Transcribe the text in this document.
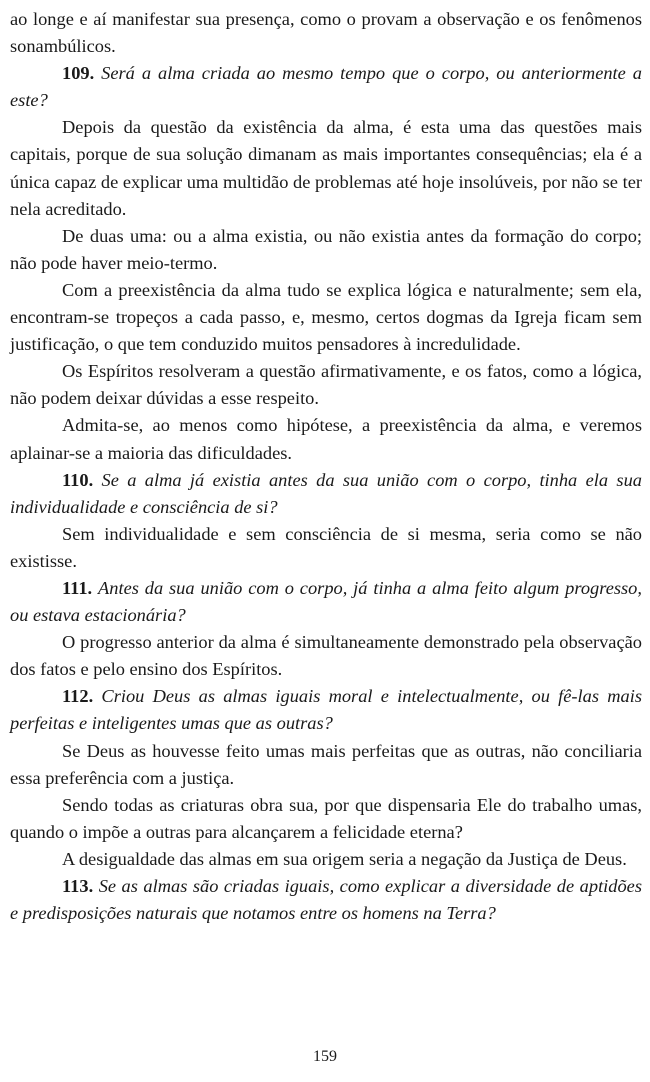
ao longe e aí manifestar sua presença, como o provam a observação e os fenômenos sonambúlicos.

109. Será a alma criada ao mesmo tempo que o corpo, ou anteriormente a este?

Depois da questão da existência da alma, é esta uma das questões mais capitais, porque de sua solução dimanam as mais importantes consequências; ela é a única capaz de explicar uma multidão de problemas até hoje insolúveis, por não se ter nela acreditado.

De duas uma: ou a alma existia, ou não existia antes da formação do corpo; não pode haver meio-termo.

Com a preexistência da alma tudo se explica lógica e naturalmente; sem ela, encontram-se tropeços a cada passo, e, mesmo, certos dogmas da Igreja ficam sem justificação, o que tem conduzido muitos pensadores à incredulidade.

Os Espíritos resolveram a questão afirmativamente, e os fatos, como a lógica, não podem deixar dúvidas a esse respeito.

Admita-se, ao menos como hipótese, a preexistência da alma, e veremos aplainar-se a maioria das dificuldades.

110. Se a alma já existia antes da sua união com o corpo, tinha ela sua individualidade e consciência de si?

Sem individualidade e sem consciência de si mesma, seria como se não existisse.

111. Antes da sua união com o corpo, já tinha a alma feito algum progresso, ou estava estacionária?

O progresso anterior da alma é simultaneamente demonstrado pela observação dos fatos e pelo ensino dos Espíritos.

112. Criou Deus as almas iguais moral e intelectualmente, ou fê-las mais perfeitas e inteligentes umas que as outras?

Se Deus as houvesse feito umas mais perfeitas que as outras, não conciliaria essa preferência com a justiça.

Sendo todas as criaturas obra sua, por que dispensaria Ele do trabalho umas, quando o impõe a outras para alcançarem a felicidade eterna?

A desigualdade das almas em sua origem seria a negação da Justiça de Deus.

113. Se as almas são criadas iguais, como explicar a diversidade de aptidões e predisposições naturais que notamos entre os homens na Terra?

159
